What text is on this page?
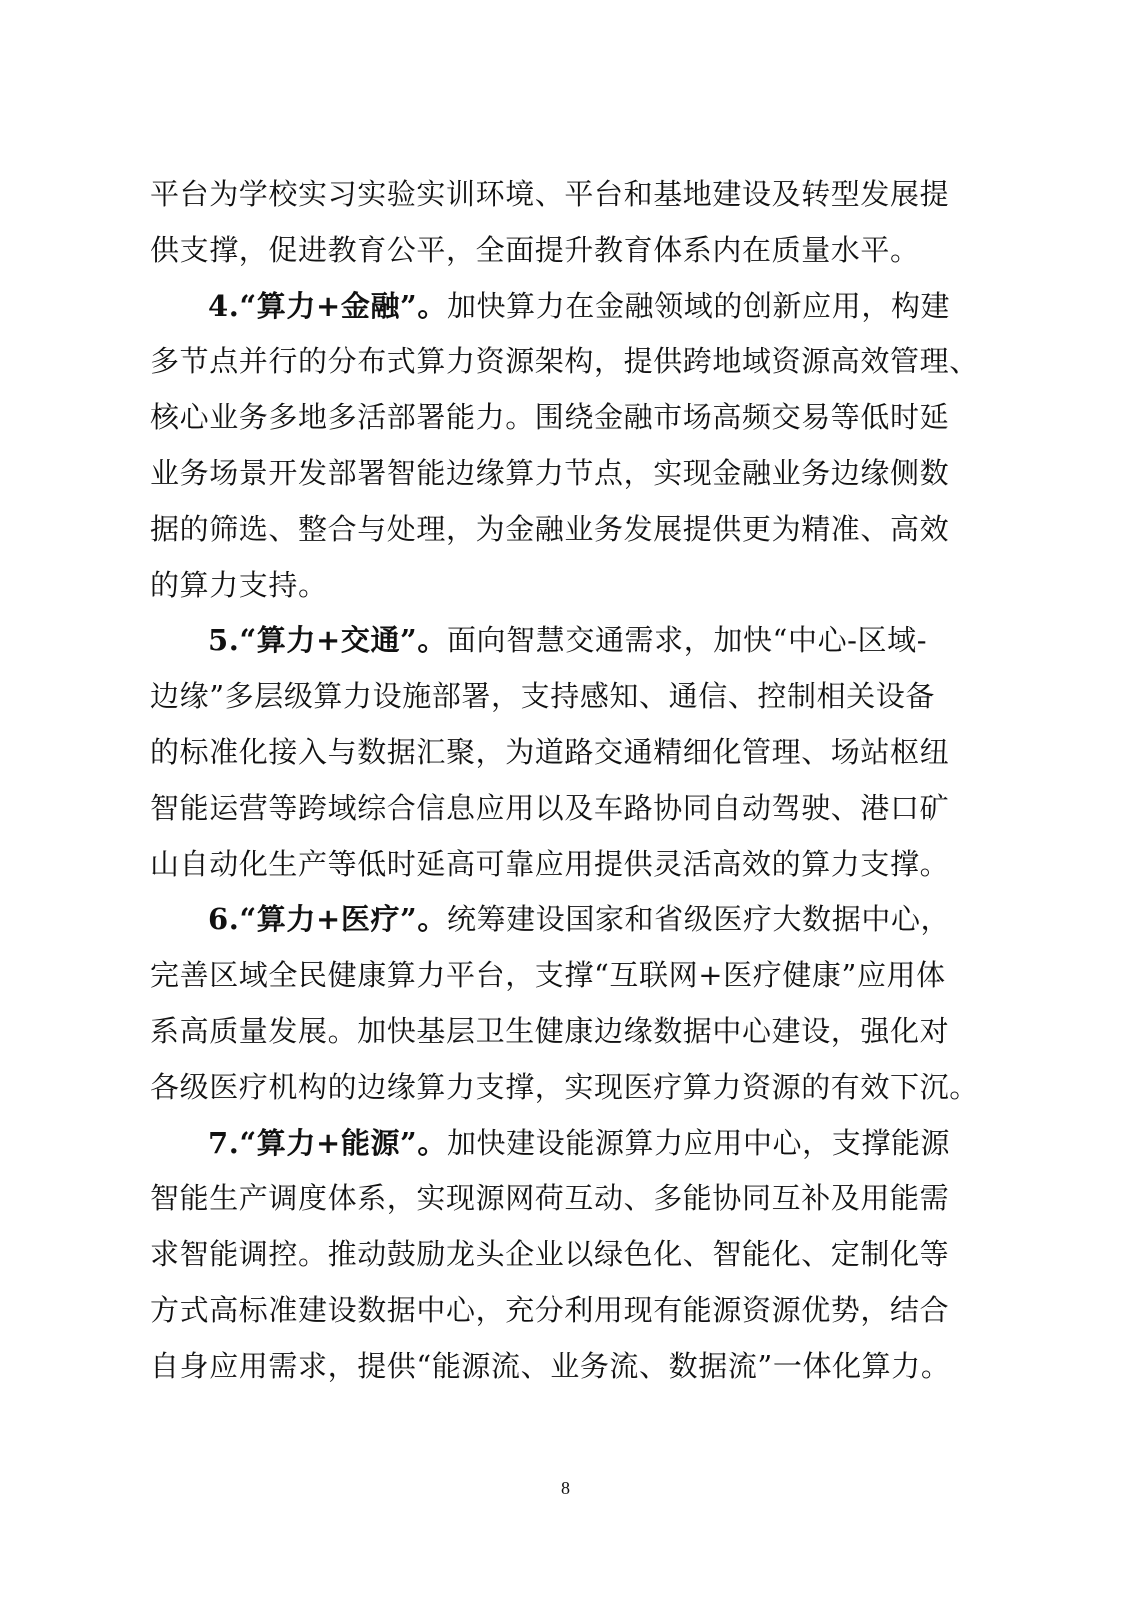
平台为学校实习实验实训环境、平台和基地建设及转型发展提
供支撑，促进教育公平，全面提升教育体系内在质量水平。
4.“算力+金融”。加快算力在金融领域的创新应用，构建
多节点并行的分布式算力资源架构，提供跨地域资源高效管理、
核心业务多地多活部署能力。围绕金融市场高频交易等低时延
业务场景开发部署智能边缘算力节点，实现金融业务边缘侧数
据的筛选、整合与处理，为金融业务发展提供更为精准、高效
的算力支持。
5.“算力+交通”。面向智慧交通需求，加快“中心-区域-
边缘”多层级算力设施部署，支持感知、通信、控制相关设备
的标准化接入与数据汇聚，为道路交通精细化管理、场站枢纽
智能运营等跨域综合信息应用以及车路协同自动驾驶、港口矿
山自动化生产等低时延高可靠应用提供灵活高效的算力支撑。
6.“算力+医疗”。统筹建设国家和省级医疗大数据中心，
完善区域全民健康算力平台，支撑“互联网+医疗健康”应用体
系高质量发展。加快基层卫生健康边缘数据中心建设，强化对
各级医疗机构的边缘算力支撑，实现医疗算力资源的有效下沉。
7.“算力+能源”。加快建设能源算力应用中心，支撑能源
智能生产调度体系，实现源网荷互动、多能协同互补及用能需
求智能调控。推动鼓励龙头企业以绿色化、智能化、定制化等
方式高标准建设数据中心，充分利用现有能源资源优势，结合
自身应用需求，提供“能源流、业务流、数据流”一体化算力。
8
